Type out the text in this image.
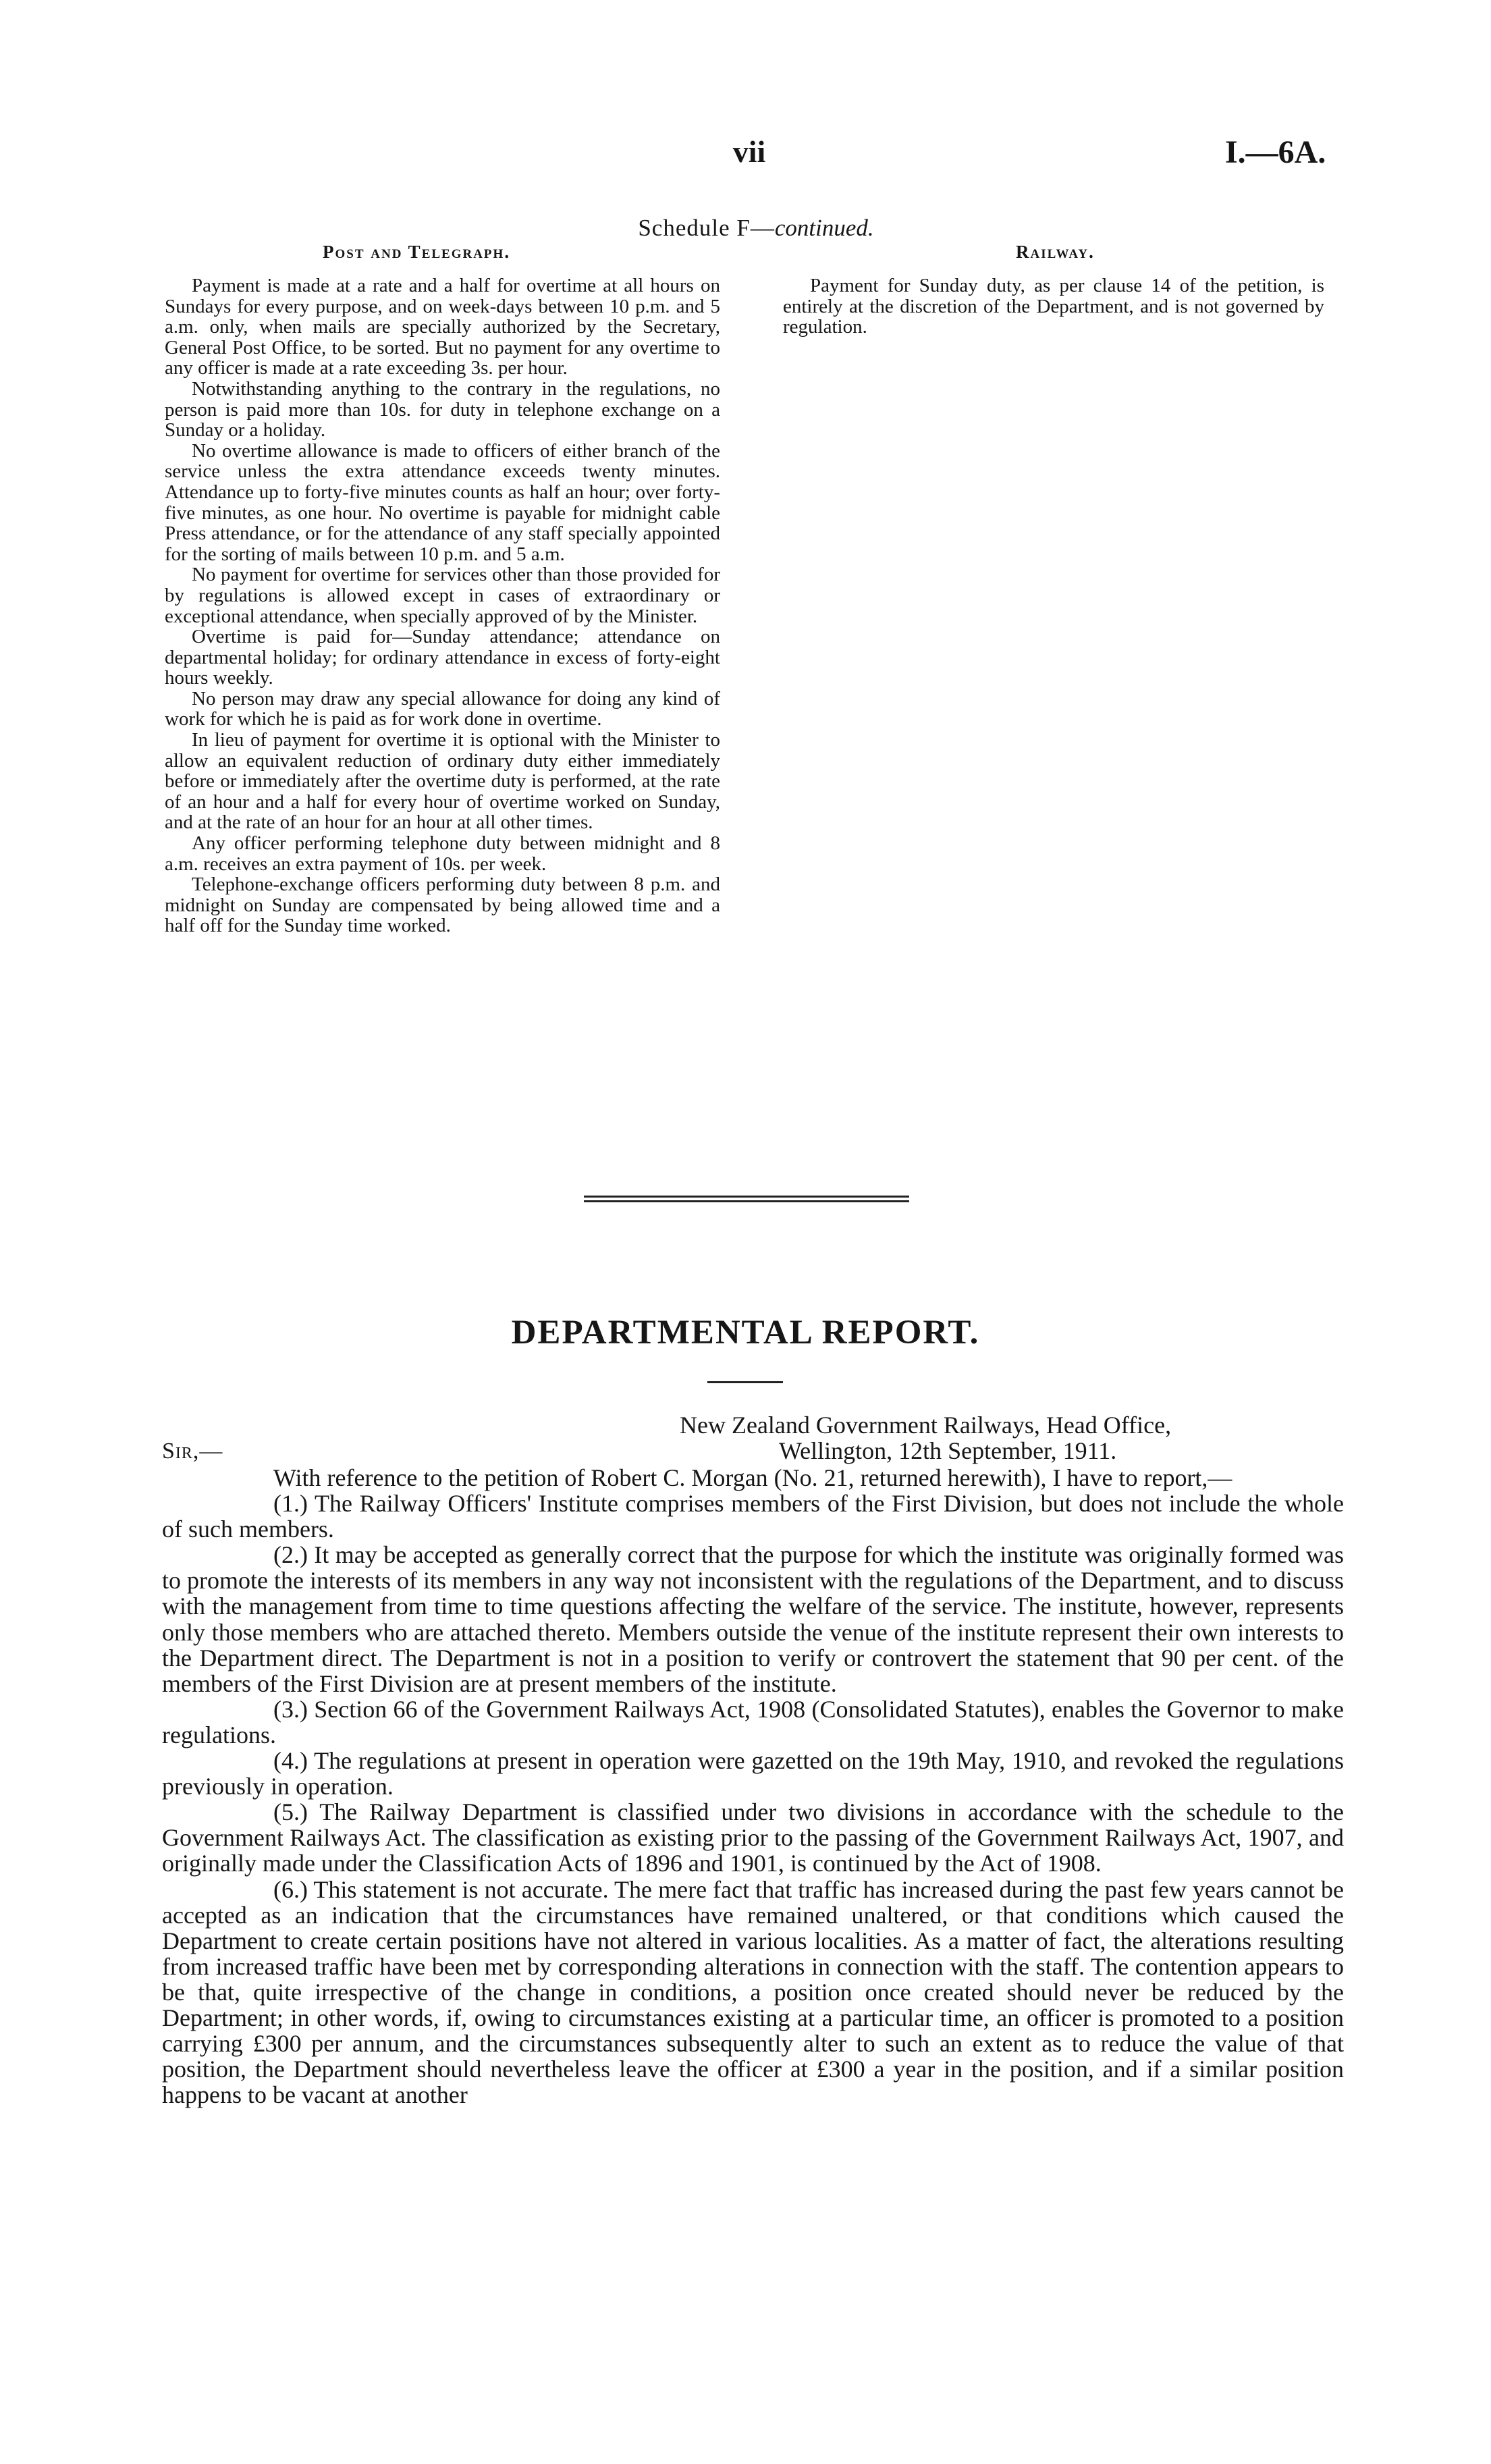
vii	I.—6A.
Schedule F—continued.
Post and Telegraph.	Railway.

Payment is made at a rate and a half for overtime at all hours on Sundays for every purpose, and on week-days between 10 p.m. and 5 a.m. only, when mails are specially authorized by the Secretary, General Post Office, to be sorted. But no payment for any overtime to any officer is made at a rate exceeding 3s. per hour.

Notwithstanding anything to the contrary in the regulations, no person is paid more than 10s. for duty in telephone exchange on a Sunday or a holiday.

No overtime allowance is made to officers of either branch of the service unless the extra attendance exceeds twenty minutes. Attendance up to forty-five minutes counts as half an hour; over forty-five minutes, as one hour. No overtime is payable for midnight cable Press attendance, or for the attendance of any staff specially appointed for the sorting of mails between 10 p.m. and 5 a.m.

No payment for overtime for services other than those provided for by regulations is allowed except in cases of extraordinary or exceptional attendance, when specially approved of by the Minister.

Overtime is paid for—Sunday attendance; attendance on departmental holiday; for ordinary attendance in excess of forty-eight hours weekly.

No person may draw any special allowance for doing any kind of work for which he is paid as for work done in overtime.

In lieu of payment for overtime it is optional with the Minister to allow an equivalent reduction of ordinary duty either immediately before or immediately after the overtime duty is performed, at the rate of an hour and a half for every hour of overtime worked on Sunday, and at the rate of an hour for an hour at all other times.

Any officer performing telephone duty between midnight and 8 a.m. receives an extra payment of 10s. per week.

Telephone-exchange officers performing duty between 8 p.m. and midnight on Sunday are compensated by being allowed time and a half off for the Sunday time worked.

Payment for Sunday duty, as per clause 14 of the petition, is entirely at the discretion of the Department, and is not governed by regulation.

DEPARTMENTAL REPORT.
New Zealand Government Railways, Head Office,
Wellington, 12th September, 1911.
Sir,—

With reference to the petition of Robert C. Morgan (No. 21, returned herewith), I have to report,—

(1.) The Railway Officers' Institute comprises members of the First Division, but does not include the whole of such members.

(2.) It may be accepted as generally correct that the purpose for which the institute was originally formed was to promote the interests of its members in any way not inconsistent with the regulations of the Department, and to discuss with the management from time to time questions affecting the welfare of the service. The institute, however, represents only those members who are attached thereto. Members outside the venue of the institute represent their own interests to the Department direct. The Department is not in a position to verify or controvert the statement that 90 per cent. of the members of the First Division are at present members of the institute.

(3.) Section 66 of the Government Railways Act, 1908 (Consolidated Statutes), enables the Governor to make regulations.

(4.) The regulations at present in operation were gazetted on the 19th May, 1910, and revoked the regulations previously in operation.

(5.) The Railway Department is classified under two divisions in accordance with the schedule to the Government Railways Act. The classification as existing prior to the passing of the Government Railways Act, 1907, and originally made under the Classification Acts of 1896 and 1901, is continued by the Act of 1908.

(6.) This statement is not accurate. The mere fact that traffic has increased during the past few years cannot be accepted as an indication that the circumstances have remained unaltered, or that conditions which caused the Department to create certain positions have not altered in various localities. As a matter of fact, the alterations resulting from increased traffic have been met by corresponding alterations in connection with the staff. The contention appears to be that, quite irrespective of the change in conditions, a position once created should never be reduced by the Department; in other words, if, owing to circumstances existing at a particular time, an officer is promoted to a position carrying £300 per annum, and the circumstances subsequently alter to such an extent as to reduce the value of that position, the Department should nevertheless leave the officer at £300 a year in the position, and if a similar position happens to be vacant at another
